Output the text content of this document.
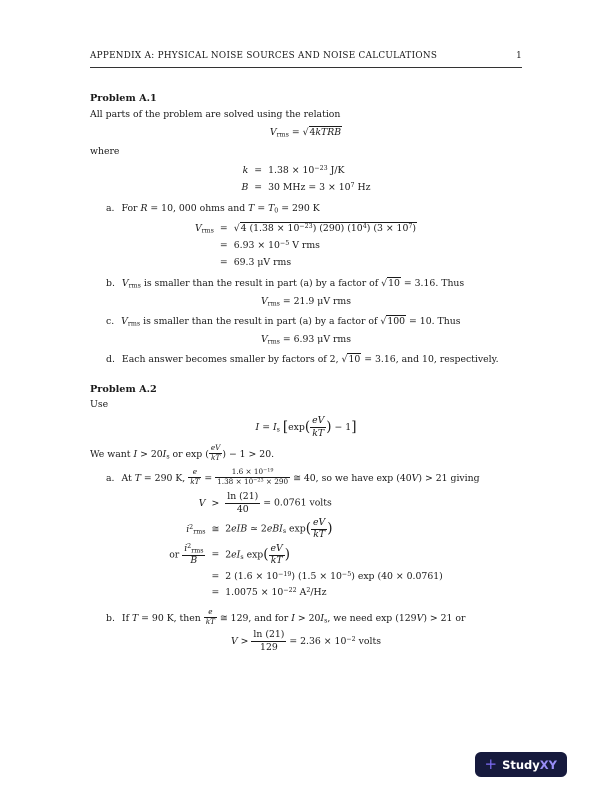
APPENDIX A: PHYSICAL NOISE SOURCES AND NOISE CALCULATIONS	1
Problem A.1

All parts of the problem are solved using the relation

$V_{rms}$ = √4kTRB

where

k	=	$1.38 \times 10^{-23}$ J/K
B	=	30 MHz = $3 \times 10^7$ Hz

a. For R = 10, 000 ohms and $T = T_0 = 290$ K

$V_{rms}$	=	√4 $(1.38 \times 10^{-23})$ (290) $(10^4) (3 \times 10^7)$
	=	$6.93 \times 10^{-5}$ V rms
	=	69.3 μV rms

b. $V_{rms}$ is smaller than the result in part (a) by a factor of √10 = 3.16. Thus

$V_{rms} = 21.9$ μV rms

c. $V_{rms}$ is smaller than the result in part (a) by a factor of √100 = 10. Thus

$V_{rms} = 6.93$ μV rms

d. Each answer becomes smaller by factors of 2, √10 = 3.16, and 10, respectively.

Problem A.2

Use

$I = I_s$ [$\exp( \frac{eV}{kT}$ ) − 1]

We want $I > 20I_s$ or exp ( $\frac{eV}{kT}$ ) − 1 > 20.

a. At T = 290 K, $\frac{e}{kT} = \frac{1.6 \times 10^{-19}}{1.38 \times 10^{-23} \times 290}$ ≅ 40, so we have exp (40V) > 21 giving

V	>	$\frac{\ln (21)}{40} = 0.0761$ volts
$i^2_{rms}$	≅	2eIB ≃ 2eBI$_s$ $\exp( \frac{eV}{kT}$ )
or $\frac{i^2_{rms}}{B}$	=	$2eI_s$ $\exp( \frac{eV}{kT}$ )
	=	2 $(1.6 \times 10^{-19})$ $(1.5 \times 10^{-5})$ exp (40 × 0.0761)
	=	$1.0075 \times 10^{-22}$ $A^2/Hz$

b. If T = 90 K, then $\frac{e}{kT}$ ≅ 129, and for $I > 20I_s$, we need exp (129V) > 21 or

$V > \frac{\ln (21)}{129} = 2.36 \times 10^{-2}$ volts
+ StudyXY
